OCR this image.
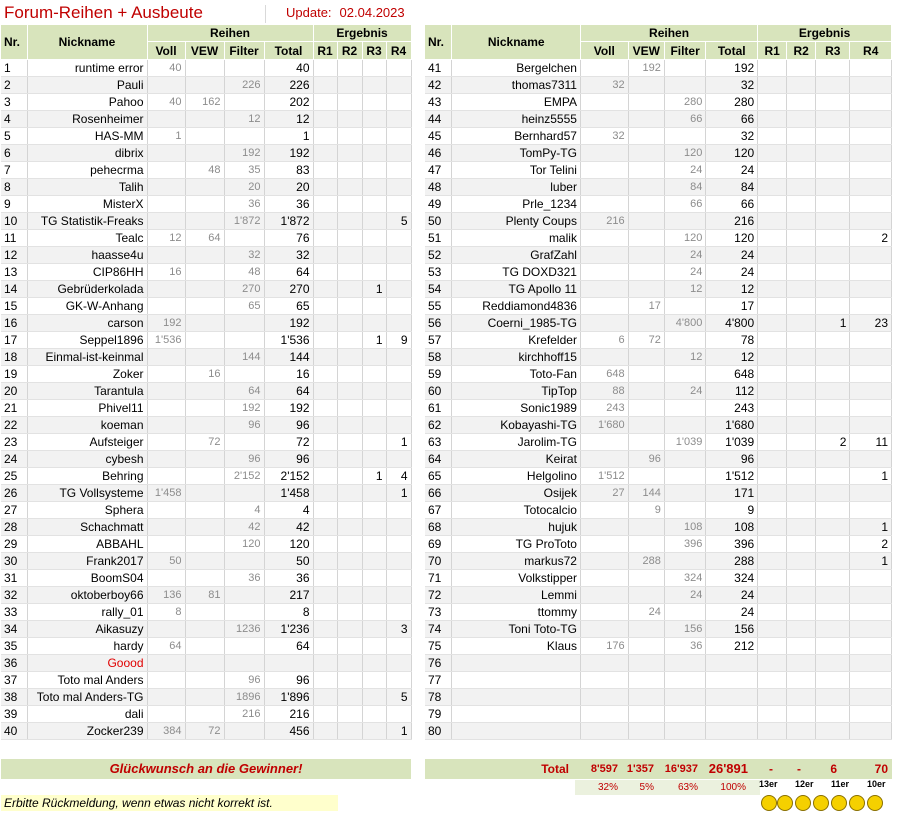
Forum-Reihen + Ausbeute	Update: 02.04.2023
Nr.	Nickname	Reihen				Ergebnis			
		Voll	VEW	Filter	Total	R1	R2	R3	R4
1	runtime error	40			40				
2	Pauli			226	226				
3	Pahoo	40	162		202				
4	Rosenheimer			12	12				
5	HAS-MM	1			1				
6	dibrix			192	192				
7	pehecrma		48	35	83				
8	Talih			20	20				
9	MisterX			36	36				
10	TG Statistik-Freaks			1'872	1'872				5
11	Tealc	12	64		76				
12	haasse4u			32	32				
13	CIP86HH	16		48	64				
14	Gebrüderkolada			270	270			1	
15	GK-W-Anhang			65	65				
16	carson	192			192				
17	Seppel1896	1'536			1'536			1	9
18	Einmal-ist-keinmal			144	144				
19	Zoker		16		16				
20	Tarantula			64	64				
21	Phivel11			192	192				
22	koeman			96	96				
23	Aufsteiger		72		72				1
24	cybesh			96	96				
25	Behring			2'152	2'152			1	4
26	TG Vollsysteme	1'458			1'458				1
27	Sphera			4	4				
28	Schachmatt			42	42				
29	ABBAHL			120	120				
30	Frank2017	50			50				
31	BoomS04			36	36				
32	oktoberboy66	136	81		217				
33	rally_01	8			8				
34	Aikasuzy			1236	1'236				3
35	hardy	64			64				
36	Goood								
37	Toto mal Anders			96	96				
38	Toto mal Anders-TG			1896	1'896				5
39	dali			216	216				
40	Zocker239	384	72		456				1
Nr.	Nickname	Reihen				Ergebnis			
		Voll	VEW	Filter	Total	R1	R2	R3	R4
41	Bergelchen		192		192				
42	thomas7311	32			32				
43	EMPA			280	280				
44	heinz5555			66	66				
45	Bernhard57	32			32				
46	TomPy-TG			120	120				
47	Tor Telini			24	24				
48	luber			84	84				
49	Prle_1234			66	66				
50	Plenty Coups	216			216				
51	malik			120	120				2
52	GrafZahl			24	24				
53	TG DOXD321			24	24				
54	TG Apollo 11			12	12				
55	Reddiamond4836		17		17				
56	Coerni_1985-TG			4'800	4'800			1	23
57	Krefelder	6	72		78				
58	kirchhoff15			12	12				
59	Toto-Fan	648			648				
60	TipTop	88		24	112				
61	Sonic1989	243			243				
62	Kobayashi-TG	1'680			1'680				
63	Jarolim-TG			1'039	1'039			2	11
64	Keirat		96		96				
65	Helgolino	1'512			1'512				1
66	Osijek	27	144		171				
67	Totocalcio		9		9				
68	hujuk			108	108				1
69	TG ProToto			396	396				2
70	markus72		288		288				1
71	Volkstipper			324	324				
72	Lemmi			24	24				
73	ttommy		24		24				
74	Toni Toto-TG			156	156				
75	Klaus	176		36	212				
76									
77									
78									
79									
80									
Glückwunsch an die Gewinner!	Total	8'597 1'357 16'937 26'891	-	-	6	70
32%	5%	63%	100%
Erbitte Rückmeldung, wenn etwas nicht korrekt ist.
13er 12er 11er 10er
